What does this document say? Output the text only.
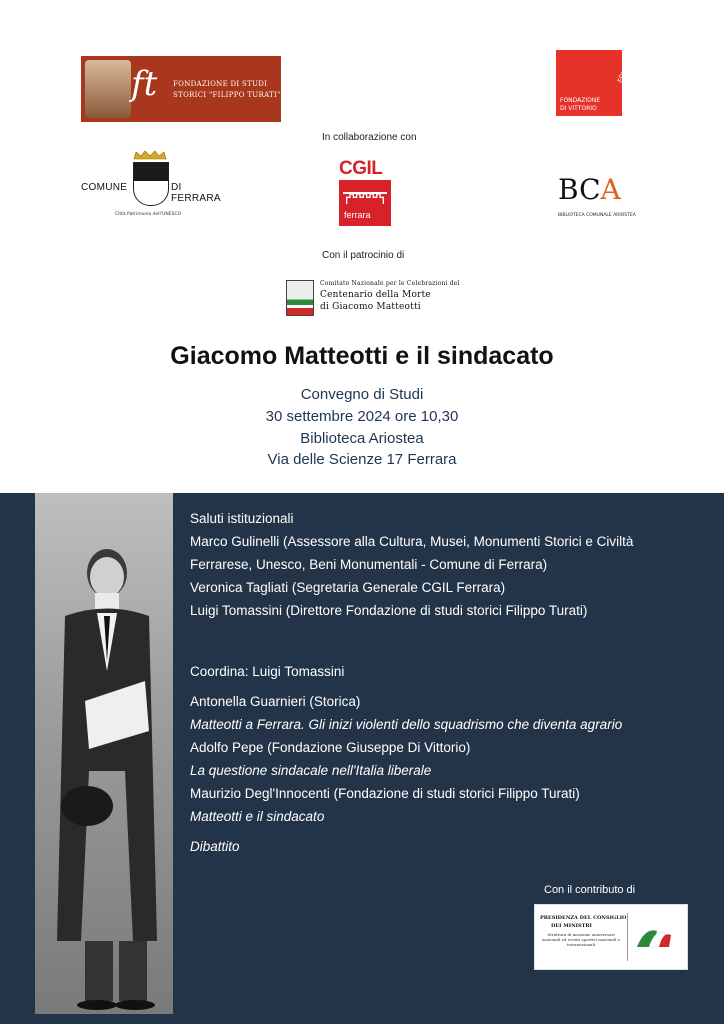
ft FONDAZIONE DI STUDI
STORICI "FILIPPO TURATI"
FDV
FONDAZIONE
DI VITTORIO
In collaborazione con
COMUNE	DI FERRARA
Città Patrimonio dell'UNESCO
CGIL
ferrara
BCA
BIBLIOTECA COMUNALE ARIOSTEA
Con il patrocinio di
Comitato Nazionale per le Celebrazioni del
Centenario della Morte
di Giacomo Matteotti
Giacomo Matteotti e il sindacato
Convegno di Studi
30 settembre 2024 ore 10,30
Biblioteca Ariostea
Via delle Scienze 17 Ferrara
Saluti istituzionali
Marco Gulinelli (Assessore alla Cultura, Musei, Monumenti Storici e Civiltà
Ferrarese, Unesco, Beni Monumentali - Comune di Ferrara)
Veronica Tagliati (Segretaria Generale CGIL Ferrara)
Luigi Tomassini (Direttore Fondazione di studi storici Filippo Turati)
Coordina: Luigi Tomassini
Antonella Guarnieri (Storica)
Matteotti a Ferrara. Gli inizi violenti dello squadrismo che diventa agrario
Adolfo Pepe (Fondazione Giuseppe Di Vittorio)
La questione sindacale nell'Italia liberale
Maurizio Degl'Innocenti (Fondazione di studi storici Filippo Turati)
Matteotti e il sindacato
Dibattito
Con il contributo di
PRESIDENZA DEL CONSIGLIO
DEI MINISTRI
Struttura di missione anniversari nazionali ed eventi sportivi nazionali e internazionali
